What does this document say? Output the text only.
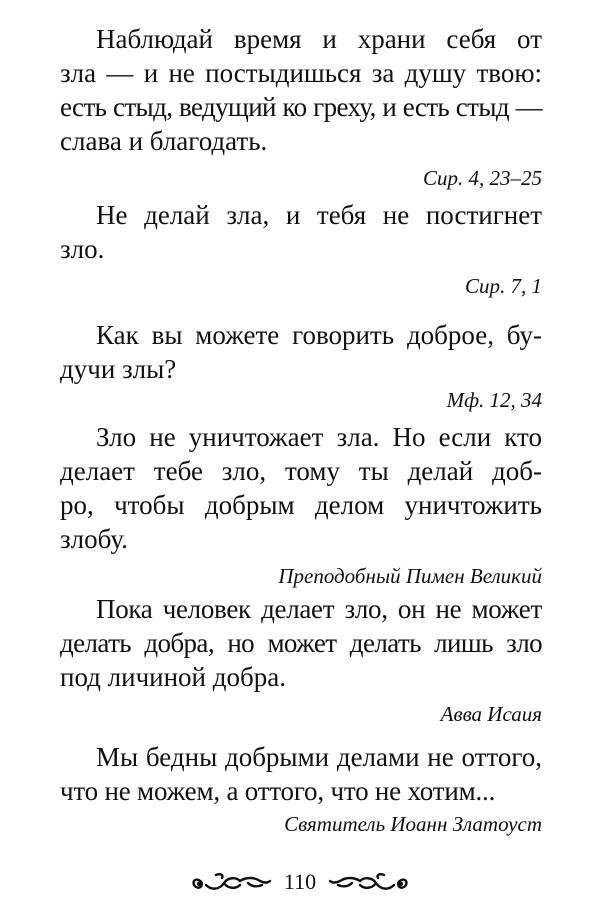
Наблюдай время и храни себя от
зла — и не постыдишься за душу твою:
есть стыд, ведущий ко греху, и есть стыд —
слава и благодать.

Сир. 4, 23–25

Не делай зла, и тебя не постигнет
зло.

Сир. 7, 1

Как вы можете говорить доброе, бу-
дучи злы?

Мф. 12, 34

Зло не уничтожает зла. Но если кто
делает тебе зло, тому ты делай доб-
ро, чтобы добрым делом уничтожить
злобу.

Преподобный Пимен Великий

Пока человек делает зло, он не может
делать добра, но может делать лишь зло
под личиной добра.

Авва Исаия

Мы бедны добрыми делами не оттого,
что не можем, а оттого, что не хотим...

Святитель Иоанн Златоуст

110
